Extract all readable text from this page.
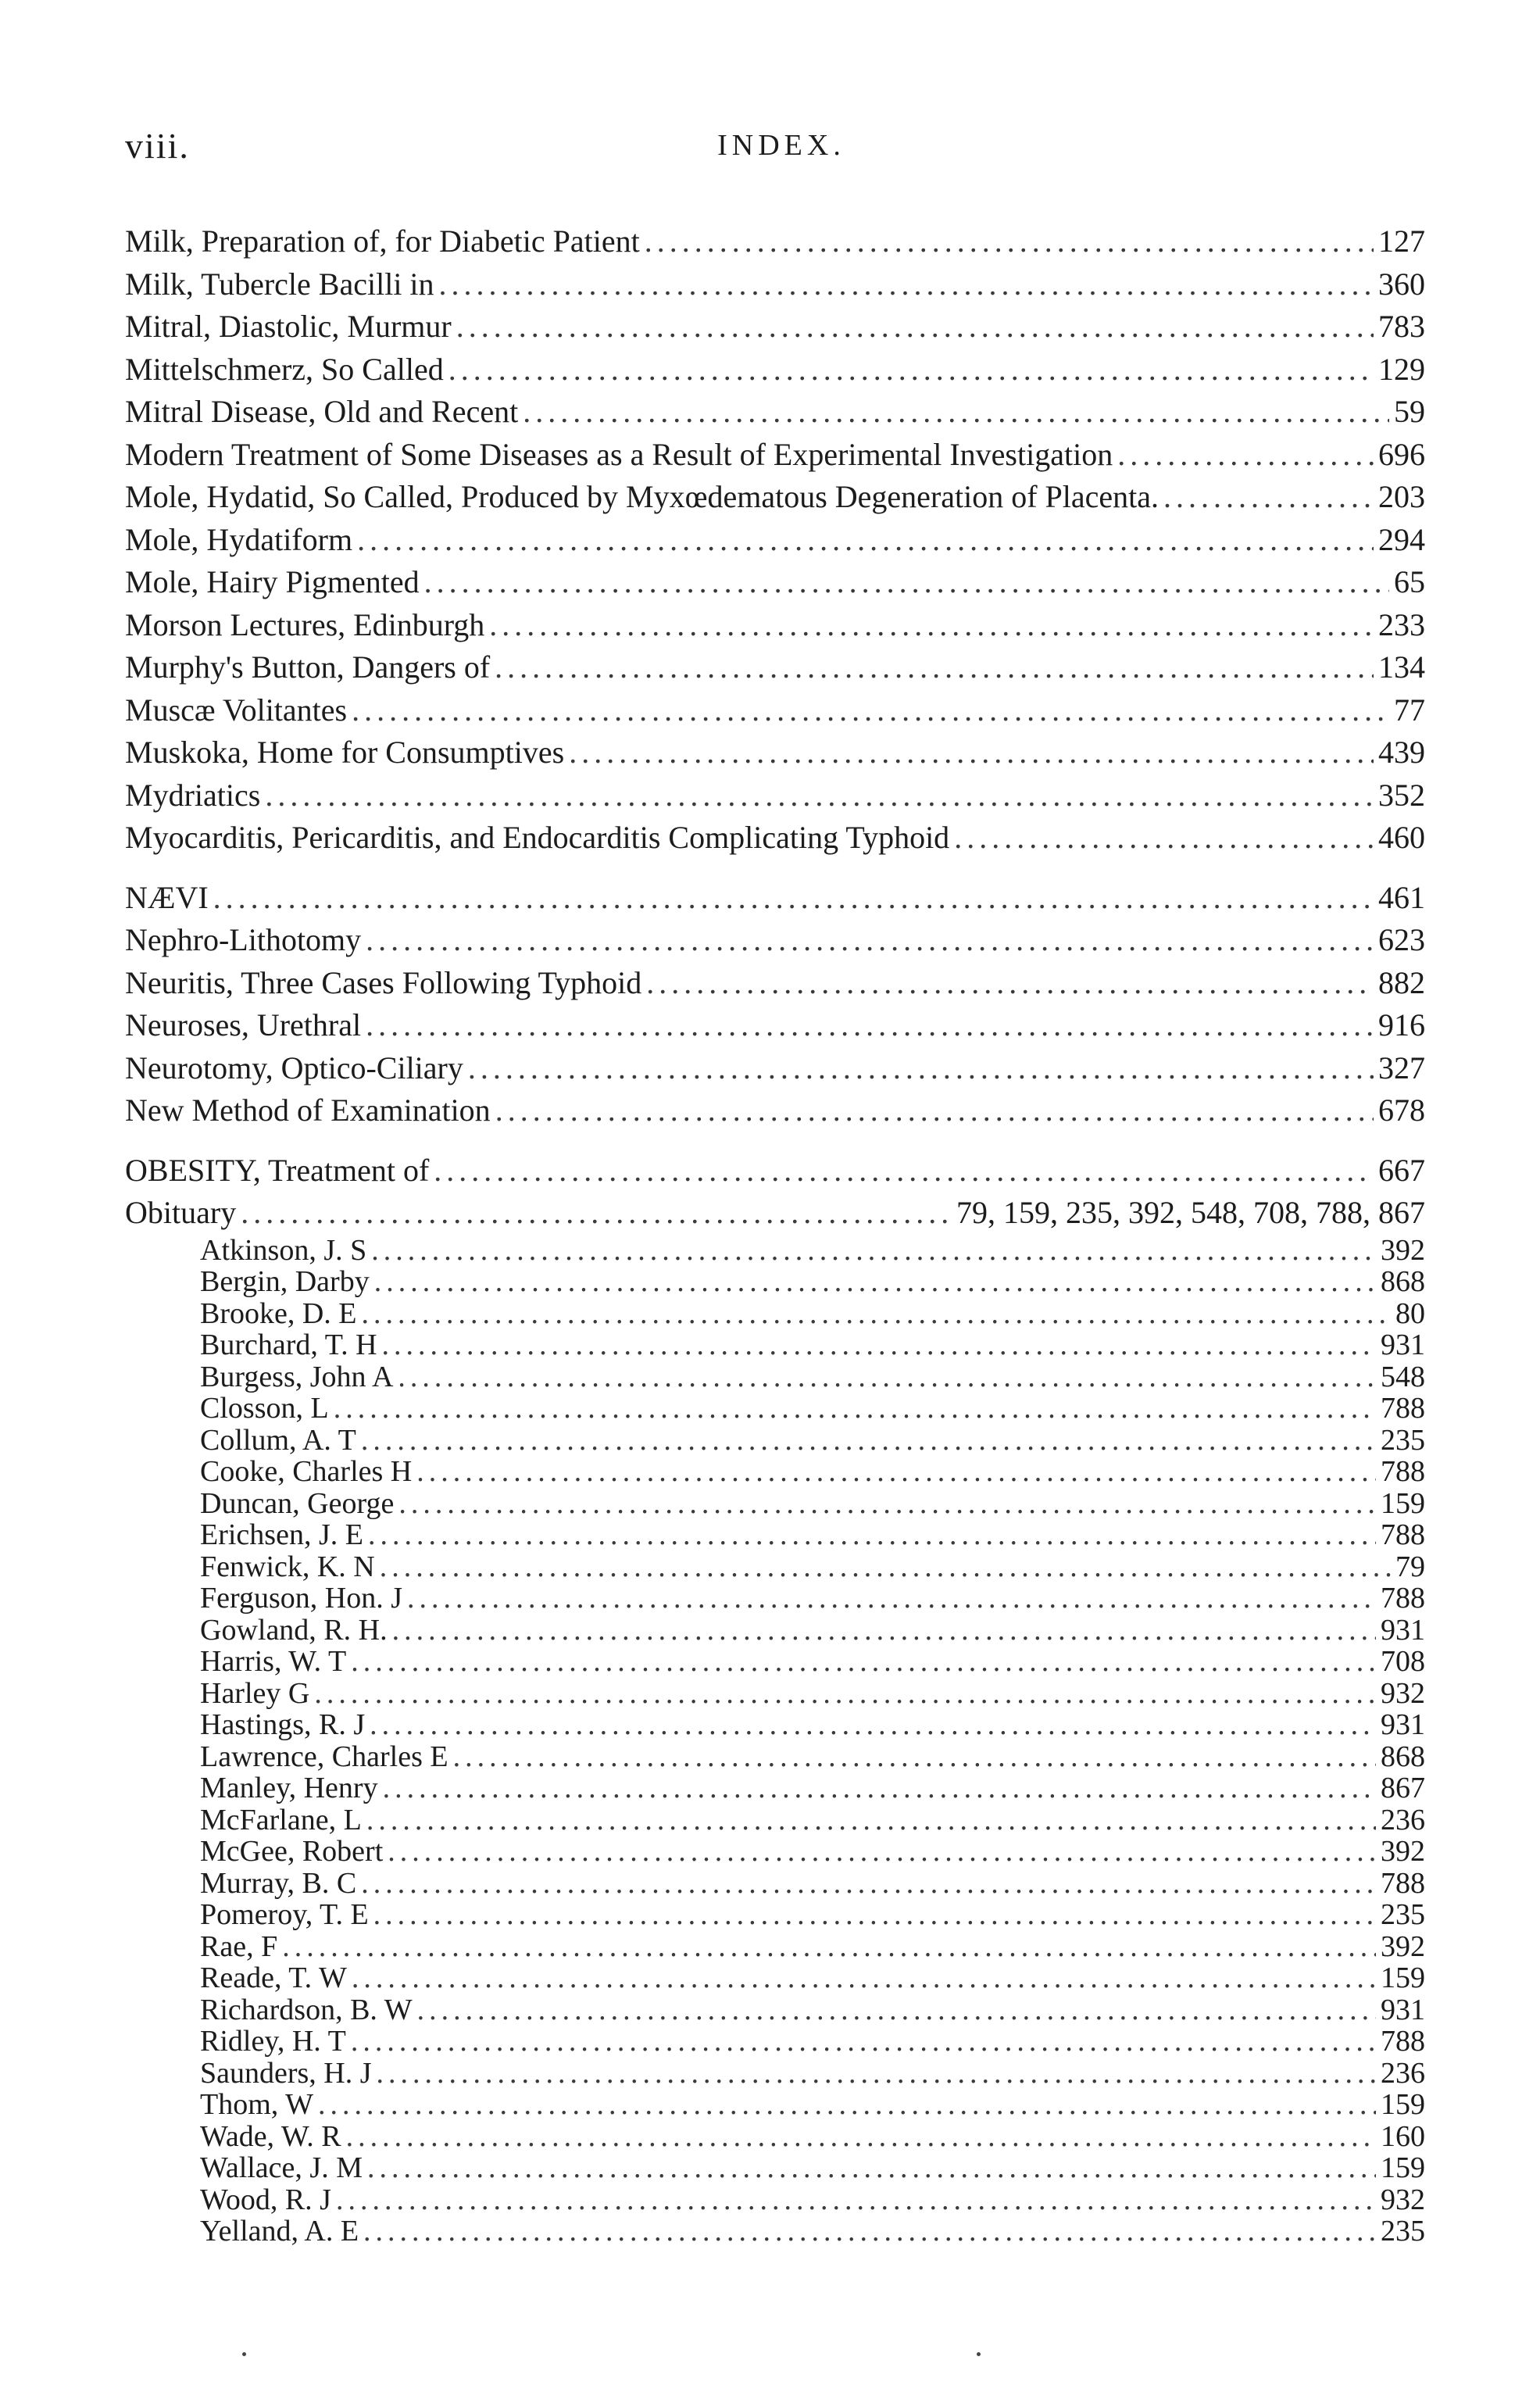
viii.	INDEX.
Milk, Preparation of, for Diabetic Patient .....	127
Milk, Tubercle Bacilli in .....	360
Mitral, Diastolic, Murmur .....	783
Mittelschmerz, So Called .....	129
Mitral Disease, Old and Recent .....	59
Modern Treatment of Some Diseases as a Result of Experimental Investigation .....	696
Mole, Hydatid, So Called, Produced by Myxœdematous Degeneration of Placenta. .....	203
Mole, Hydatiform .....	294
Mole, Hairy Pigmented .....	65
Morson Lectures, Edinburgh .....	233
Murphy's Button, Dangers of .....	134
Muscæ Volitantes .....	77
Muskoka, Home for Consumptives .....	439
Mydriatics .....	352
Myocarditis, Pericarditis, and Endocarditis Complicating Typhoid .....	460
NÆVI .....	461
Nephro-Lithotomy .....	623
Neuritis, Three Cases Following Typhoid .....	882
Neuroses, Urethral .....	916
Neurotomy, Optico-Ciliary .....	327
New Method of Examination .....	678
OBESITY, Treatment of .....	667
Obituary .....	79, 159, 235, 392, 548, 708, 788, 867
Atkinson, J. S .....	392
Bergin, Darby .....	868
Brooke, D. E .....	80
Burchard, T. H .....	931
Burgess, John A .....	548
Closson, L .....	788
Collum, A. T .....	235
Cooke, Charles H .....	788
Duncan, George .....	159
Erichsen, J. E .....	788
Fenwick, K. N .....	79
Ferguson, Hon. J .....	788
Gowland, R. H. .....	931
Harris, W. T .....	708
Harley G .....	932
Hastings, R. J .....	931
Lawrence, Charles E .....	868
Manley, Henry .....	867
McFarlane, L .....	236
McGee, Robert .....	392
Murray, B. C .....	788
Pomeroy, T. E .....	235
Rae, F .....	392
Reade, T. W .....	159
Richardson, B. W .....	931
Ridley, H. T .....	788
Saunders, H. J .....	236
Thom, W .....	159
Wade, W. R .....	160
Wallace, J. M .....	159
Wood, R. J .....	932
Yelland, A. E .....	235
